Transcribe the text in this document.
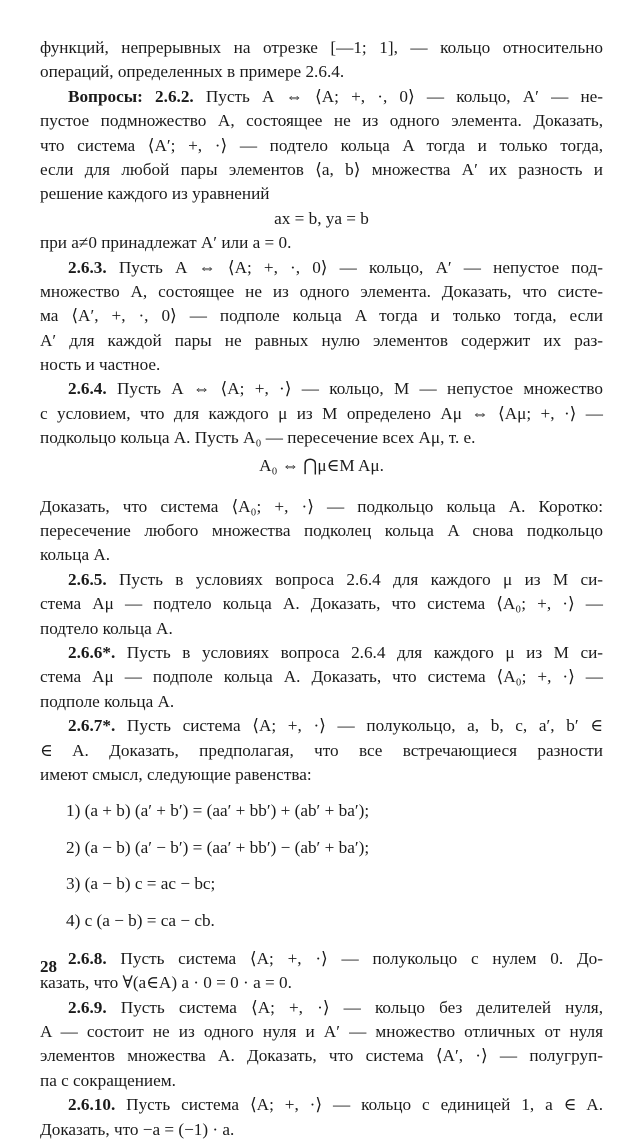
функций, непрерывных на отрезке [—1; 1], — кольцо относительно
операций, определенных в примере 2.6.4.
Вопросы: 2.6.2. Пусть A ⇔ ⟨A; +, ·, 0⟩ — кольцо, A′ — не-
пустое подмножество A, состоящее не из одного элемента. Доказать,
что система ⟨A′; +, ·⟩ — подтело кольца A тогда и только тогда,
если для любой пары элементов ⟨a, b⟩ множества A′ их разность и
решение каждого из уравнений
ax = b, ya = b
при a≠0 принадлежат A′ или a = 0.
2.6.3. Пусть A ⇔ ⟨A; +, ·, 0⟩ — кольцо, A′ — непустое под-
множество A, состоящее не из одного элемента. Доказать, что систе-
ма ⟨A′, +, ·, 0⟩ — подполе кольца A тогда и только тогда, если
A′ для каждой пары не равных нулю элементов содержит их раз-
ность и частное.
2.6.4. Пусть A ⇔ ⟨A; +, ·⟩ — кольцо, M — непустое множество
с условием, что для каждого μ из M определено Aμ ⇔ ⟨Aμ; +, ·⟩ —
подкольцо кольца A. Пусть A₀ — пересечение всех Aμ, т. е.
A₀ ⇔ ⋂μ∈M Aμ.
Доказать, что система ⟨A₀; +, ·⟩ — подкольцо кольца A. Коротко:
пересечение любого множества подколец кольца A снова подкольцо
кольца A.
2.6.5. Пусть в условиях вопроса 2.6.4 для каждого μ из M си-
стема Aμ — подтело кольца A. Доказать, что система ⟨A₀; +, ·⟩ —
подтело кольца A.
2.6.6*. Пусть в условиях вопроса 2.6.4 для каждого μ из M си-
стема Aμ — подполе кольца A. Доказать, что система ⟨A₀; +, ·⟩ —
подполе кольца A.
2.6.7*. Пусть система ⟨A; +, ·⟩ — полукольцо, a, b, c, a′, b′ ∈
∈ A. Доказать, предполагая, что все встречающиеся разности
имеют смысл, следующие равенства:
1) (a + b) (a′ + b′) = (aa′ + bb′) + (ab′ + ba′);
2) (a − b) (a′ − b′) = (aa′ + bb′) − (ab′ + ba′);
3) (a − b) c = ac − bc;
4) c (a − b) = ca − cb.
2.6.8. Пусть система ⟨A; +, ·⟩ — полукольцо с нулем 0. До-
казать, что ∀(a∈A) a · 0 = 0 · a = 0.
2.6.9. Пусть система ⟨A; +, ·⟩ — кольцо без делителей нуля,
A — состоит не из одного нуля и A′ — множество отличных от нуля
элементов множества A. Доказать, что система ⟨A′, ·⟩ — полугруп-
па с сокращением.
2.6.10. Пусть система ⟨A; +, ·⟩ — кольцо с единицей 1, a ∈ A.
Доказать, что −a = (−1) · a.
28
